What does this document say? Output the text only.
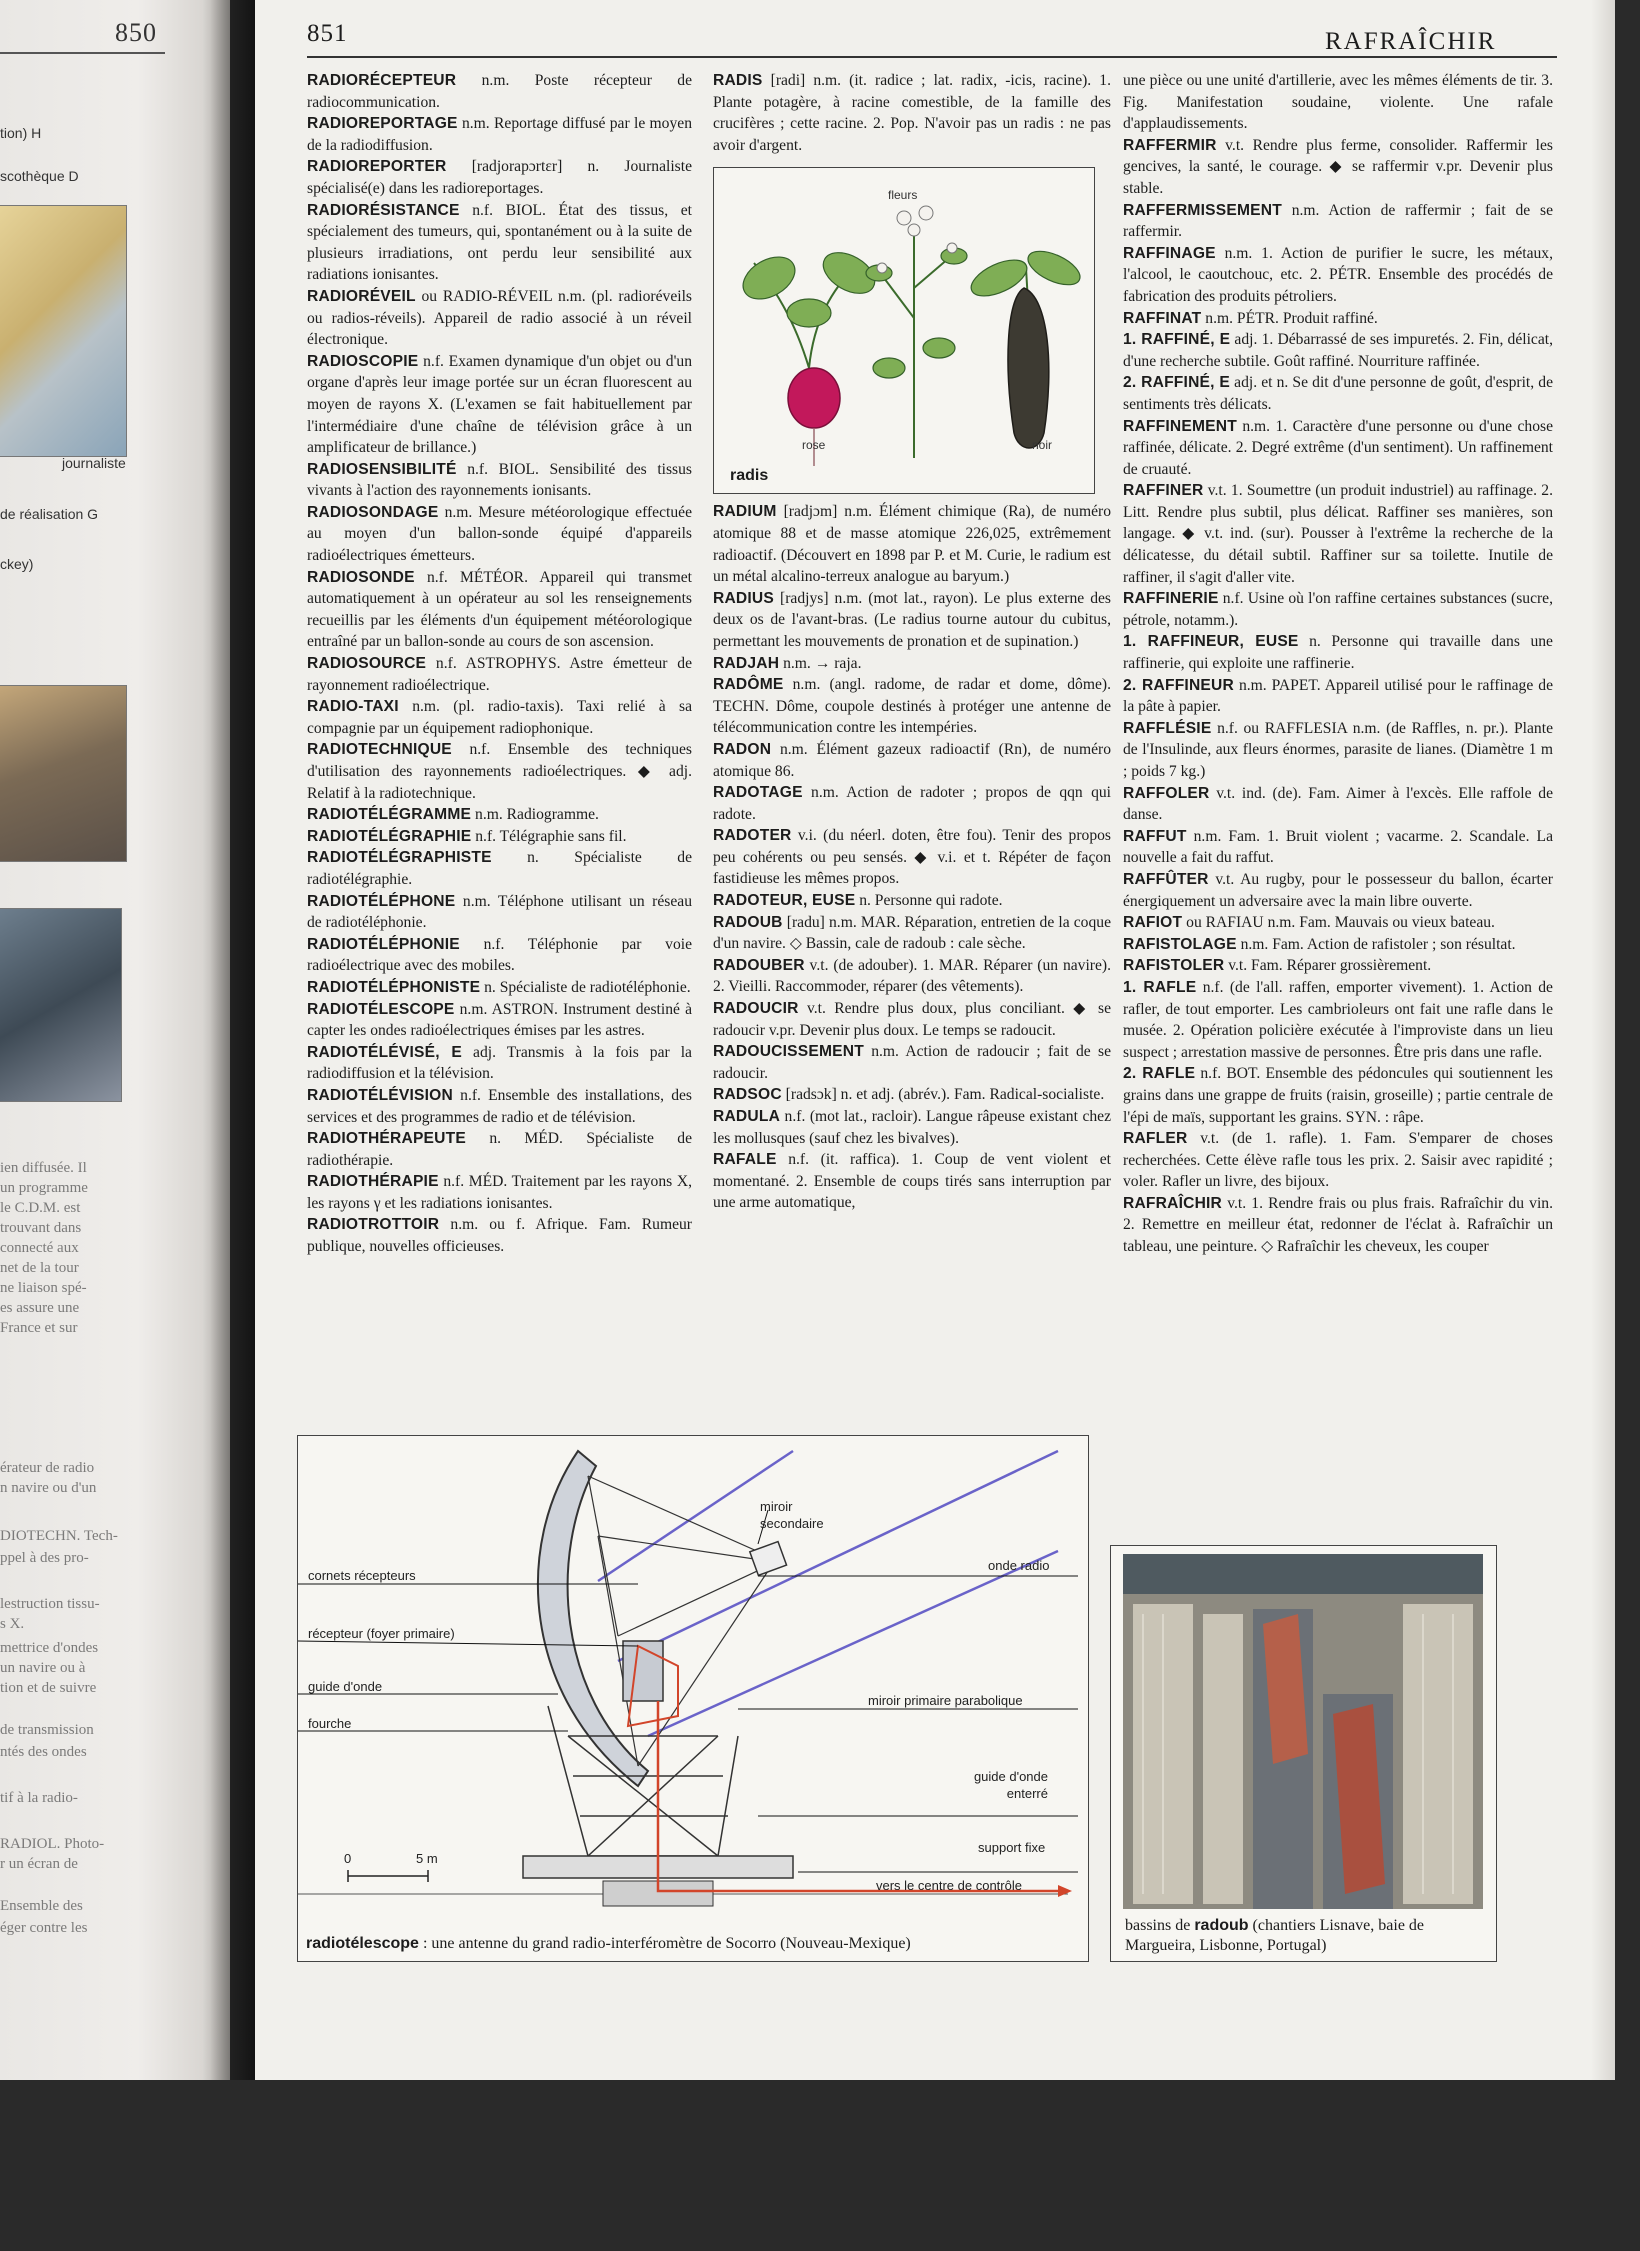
850
tion) H
scothèque D
journaliste
de réalisation G
ckey)
ien diffusée. Il
un programme
le C.D.M. est
trouvant dans
connecté aux
net de la tour
ne liaison spé-
es assure une
France et sur
érateur de radio
n navire ou d'un
DIOTECHN. Tech-
ppel à des pro-
lestruction tissu-
s X.
mettrice d'ondes
un navire ou à
tion et de suivre
de transmission
ntés des ondes
tif à la radio-
RADIOL. Photo-
r un écran de
Ensemble des
éger contre les
851	RAFRAÎCHIR

RADIORÉCEPTEUR n.m. Poste récepteur de radiocommunication.

RADIOREPORTAGE n.m. Reportage diffusé par le moyen de la radiodiffusion.

RADIOREPORTER [radjorapɔrtɛr] n. Journaliste spécialisé(e) dans les radioreportages.

RADIORÉSISTANCE n.f. BIOL. État des tissus, et spécialement des tumeurs, qui, spontanément ou à la suite de plusieurs irradiations, ont perdu leur sensibilité aux radiations ionisantes.

RADIORÉVEIL ou RADIO-RÉVEIL n.m. (pl. radioréveils ou radios-réveils). Appareil de radio associé à un réveil électronique.

RADIOSCOPIE n.f. Examen dynamique d'un objet ou d'un organe d'après leur image portée sur un écran fluorescent au moyen de rayons X. (L'examen se fait habituellement par l'intermédiaire d'une chaîne de télévision grâce à un amplificateur de brillance.)

RADIOSENSIBILITÉ n.f. BIOL. Sensibilité des tissus vivants à l'action des rayonnements ionisants.

RADIOSONDAGE n.m. Mesure météorologique effectuée au moyen d'un ballon-sonde équipé d'appareils radioélectriques émetteurs.

RADIOSONDE n.f. MÉTÉOR. Appareil qui transmet automatiquement à un opérateur au sol les renseignements recueillis par les éléments d'un équipement météorologique entraîné par un ballon-sonde au cours de son ascension.

RADIOSOURCE n.f. ASTROPHYS. Astre émetteur de rayonnement radioélectrique.

RADIO-TAXI n.m. (pl. radio-taxis). Taxi relié à sa compagnie par un équipement radiophonique.

RADIOTECHNIQUE n.f. Ensemble des techniques d'utilisation des rayonnements radioélectriques. ◆ adj. Relatif à la radiotechnique.

RADIOTÉLÉGRAMME n.m. Radiogramme.

RADIOTÉLÉGRAPHIE n.f. Télégraphie sans fil.

RADIOTÉLÉGRAPHISTE n. Spécialiste de radiotélégraphie.

RADIOTÉLÉPHONE n.m. Téléphone utilisant un réseau de radiotéléphonie.

RADIOTÉLÉPHONIE n.f. Téléphonie par voie radioélectrique avec des mobiles.

RADIOTÉLÉPHONISTE n. Spécialiste de radiotéléphonie.

RADIOTÉLESCOPE n.m. ASTRON. Instrument destiné à capter les ondes radioélectriques émises par les astres.

RADIOTÉLÉVISÉ, E adj. Transmis à la fois par la radiodiffusion et la télévision.

RADIOTÉLÉVISION n.f. Ensemble des installations, des services et des programmes de radio et de télévision.

RADIOTHÉRAPEUTE n. MÉD. Spécialiste de radiothérapie.

RADIOTHÉRAPIE n.f. MÉD. Traitement par les rayons X, les rayons γ et les radiations ionisantes.

RADIOTROTTOIR n.m. ou f. Afrique. Fam. Rumeur publique, nouvelles officieuses.

RADIS [radi] n.m. (it. radice ; lat. radix, -icis, racine). 1. Plante potagère, à racine comestible, de la famille des crucifères ; cette racine. 2. Pop. N'avoir pas un radis : ne pas avoir d'argent.

RADIUM [radjɔm] n.m. Élément chimique (Ra), de numéro atomique 88 et de masse atomique 226,025, extrêmement radioactif. (Découvert en 1898 par P. et M. Curie, le radium est un métal alcalino-terreux analogue au baryum.)

RADIUS [radjys] n.m. (mot lat., rayon). Le plus externe des deux os de l'avant-bras. (Le radius tourne autour du cubitus, permettant les mouvements de pronation et de supination.)

RADJAH n.m. → raja.

RADÔME n.m. (angl. radome, de radar et dome, dôme). TECHN. Dôme, coupole destinés à protéger une antenne de télécommunication contre les intempéries.

RADON n.m. Élément gazeux radioactif (Rn), de numéro atomique 86.

RADOTAGE n.m. Action de radoter ; propos de qqn qui radote.

RADOTER v.i. (du néerl. doten, être fou). Tenir des propos peu cohérents ou peu sensés. ◆ v.i. et t. Répéter de façon fastidieuse les mêmes propos.

RADOTEUR, EUSE n. Personne qui radote.

RADOUB [radu] n.m. MAR. Réparation, entretien de la coque d'un navire. ◇ Bassin, cale de radoub : cale sèche.

RADOUBER v.t. (de adouber). 1. MAR. Réparer (un navire). 2. Vieilli. Raccommoder, réparer (des vêtements).

RADOUCIR v.t. Rendre plus doux, plus conciliant. ◆ se radoucir v.pr. Devenir plus doux. Le temps se radoucit.

RADOUCISSEMENT n.m. Action de radoucir ; fait de se radoucir.

RADSOC [radsɔk] n. et adj. (abrév.). Fam. Radical-socialiste.

RADULA n.f. (mot lat., racloir). Langue râpeuse existant chez les mollusques (sauf chez les bivalves).

RAFALE n.f. (it. raffica). 1. Coup de vent violent et momentané. 2. Ensemble de coups tirés sans interruption par une arme automatique,

une pièce ou une unité d'artillerie, avec les mêmes éléments de tir. 3. Fig. Manifestation soudaine, violente. Une rafale d'applaudissements.

RAFFERMIR v.t. Rendre plus ferme, consolider. Raffermir les gencives, la santé, le courage. ◆ se raffermir v.pr. Devenir plus stable.

RAFFERMISSEMENT n.m. Action de raffermir ; fait de se raffermir.

RAFFINAGE n.m. 1. Action de purifier le sucre, les métaux, l'alcool, le caoutchouc, etc. 2. PÉTR. Ensemble des procédés de fabrication des produits pétroliers.

RAFFINAT n.m. PÉTR. Produit raffiné.

1. RAFFINÉ, E adj. 1. Débarrassé de ses impuretés. 2. Fin, délicat, d'une recherche subtile. Goût raffiné. Nourriture raffinée.

2. RAFFINÉ, E adj. et n. Se dit d'une personne de goût, d'esprit, de sentiments très délicats.

RAFFINEMENT n.m. 1. Caractère d'une personne ou d'une chose raffinée, délicate. 2. Degré extrême (d'un sentiment). Un raffinement de cruauté.

RAFFINER v.t. 1. Soumettre (un produit industriel) au raffinage. 2. Litt. Rendre plus subtil, plus délicat. Raffiner ses manières, son langage. ◆ v.t. ind. (sur). Pousser à l'extrême la recherche de la délicatesse, du détail subtil. Raffiner sur sa toilette. Inutile de raffiner, il s'agit d'aller vite.

RAFFINERIE n.f. Usine où l'on raffine certaines substances (sucre, pétrole, notamm.).

1. RAFFINEUR, EUSE n. Personne qui travaille dans une raffinerie, qui exploite une raffinerie.

2. RAFFINEUR n.m. PAPET. Appareil utilisé pour le raffinage de la pâte à papier.

RAFFLÉSIE n.f. ou RAFFLESIA n.m. (de Raffles, n. pr.). Plante de l'Insulinde, aux fleurs énormes, parasite de lianes. (Diamètre 1 m ; poids 7 kg.)

RAFFOLER v.t. ind. (de). Fam. Aimer à l'excès. Elle raffole de danse.

RAFFUT n.m. Fam. 1. Bruit violent ; vacarme. 2. Scandale. La nouvelle a fait du raffut.

RAFFÛTER v.t. Au rugby, pour le possesseur du ballon, écarter énergiquement un adversaire avec la main libre ouverte.

RAFIOT ou RAFIAU n.m. Fam. Mauvais ou vieux bateau.

RAFISTOLAGE n.m. Fam. Action de rafistoler ; son résultat.

RAFISTOLER v.t. Fam. Réparer grossièrement.

1. RAFLE n.f. (de l'all. raffen, emporter vivement). 1. Action de rafler, de tout emporter. Les cambrioleurs ont fait une rafle dans le musée. 2. Opération policière exécutée à l'improviste dans un lieu suspect ; arrestation massive de personnes. Être pris dans une rafle.

2. RAFLE n.f. BOT. Ensemble des pédoncules qui soutiennent les grains dans une grappe de fruits (raisin, groseille) ; partie centrale de l'épi de maïs, supportant les grains. SYN. : râpe.

RAFLER v.t. (de 1. rafle). 1. Fam. S'emparer de choses recherchées. Cette élève rafle tous les prix. 2. Saisir avec rapidité ; voler. Rafler un livre, des bijoux.

RAFRAÎCHIR v.t. 1. Rendre frais ou plus frais. Rafraîchir du vin. 2. Remettre en meilleur état, redonner de l'éclat à. Rafraîchir un tableau, une peinture. ◇ Rafraîchir les cheveux, les couper

fleurs
rose	noir
radis
miroir secondaire
onde radio
cornets récepteurs
récepteur (foyer primaire)
guide d'onde
fourche
miroir primaire parabolique
guide d'onde enterré
support fixe
vers le centre de contrôle
0	5 m
radiotélescope : une antenne du grand radio-interféromètre de Socorro (Nouveau-Mexique)
bassins de radoub (chantiers Lisnave, baie de Margueira, Lisbonne, Portugal)
